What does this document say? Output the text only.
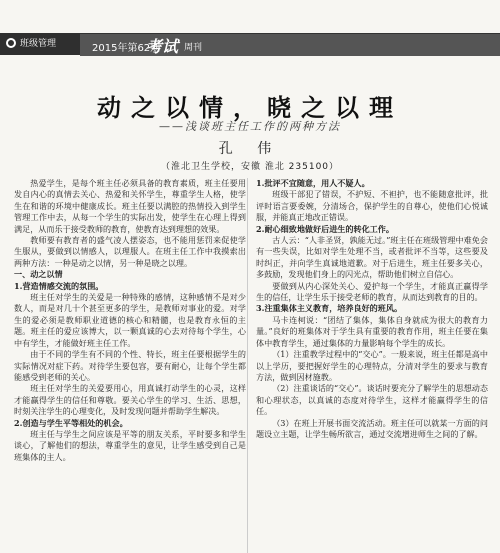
班级管理	2015年第62期
考试 周刊
动之以情，晓之以理
——浅谈班主任工作的两种方法
孔 伟
（淮北卫生学校，安徽 淮北 235100）

热爱学生，是每个班主任必须具备的教育素质，班主任要用发自内心的真情去关心、热爱和关怀学生，尊重学生人格，使学生在和谐的环境中健康成长。班主任要以满腔的热情投入到学生管理工作中去，从每一个学生的实际出发，使学生在心理上得到满足，从而乐于接受教师的教育，使教育达到理想的效果。

教师要有教育者的盛气凌人摆姿态，也不能用惩罚来促使学生服从，要做到以情感人，以理服人。在班主任工作中我摸索出两种方法：一种是动之以情，另一种是晓之以理。

一、动之以情

1.营造情感交流的氛围。

班主任对学生的关爱是一种特殊的感情，这种感情不是对少数人，而是对几十个甚至更多的学生，是教师对事业的爱。对学生的爱必须是教师职业道德的核心和精髓，也是教育永恒的主题。班主任的爱应该博大，以一颗真诚的心去对待每个学生，心中有学生，才能做好班主任工作。

由于不同的学生有不同的个性、特长，班主任要根据学生的实际情况对症下药。对待学生要包容，要有耐心，让每个学生都能感受到老师的关心。

班主任对学生的关爱要用心，用真诚打动学生的心灵，这样才能赢得学生的信任和尊敬。要关心学生的学习、生活、思想，时刻关注学生的心理变化，及时发现问题并帮助学生解决。

2.创造与学生平等相处的机会。

班主任与学生之间应该是平等的朋友关系，平时要多和学生谈心，了解他们的想法，尊重学生的意见，让学生感受到自己是班集体的主人。

1.批评不宜随意，用人不疑人。

班级干部犯了错误，不护短、不袒护，也不能随意批评，批评时语言要委婉，分清场合，保护学生的自尊心，使他们心悦诚服，并能真正地改正错误。

2.耐心细致地做好后进生的转化工作。

古人云：“人非圣贤，孰能无过。”班主任在班级管理中难免会有一些失误，比如对学生处理不当，或者批评不当等，这些要及时纠正，并向学生真诚地道歉。对于后进生，班主任要多关心，多鼓励，发现他们身上的闪光点，帮助他们树立自信心。

要做到从内心深处关心、爱护每一个学生，才能真正赢得学生的信任，让学生乐于接受老师的教育，从而达到教育的目的。

3.注重集体主义教育，培养良好的班风。

马卡连柯说：“团结了集体，集体自身就成为很大的教育力量。”良好的班集体对于学生具有重要的教育作用，班主任要在集体中教育学生，通过集体的力量影响每个学生的成长。

（1）注重教学过程中的“交心”。一般来说，班主任都是高中以上学历，要把握好学生的心理特点，分清对学生的要求与教育方法，做到因材施教。

（2）注重谈话的“交心”。谈话时要充分了解学生的思想动态和心理状态，以真诚的态度对待学生，这样才能赢得学生的信任。

（3）在班上开展书面交流活动。班主任可以就某一方面的问题设立主题，让学生畅所欲言，通过交流增进师生之间的了解。
